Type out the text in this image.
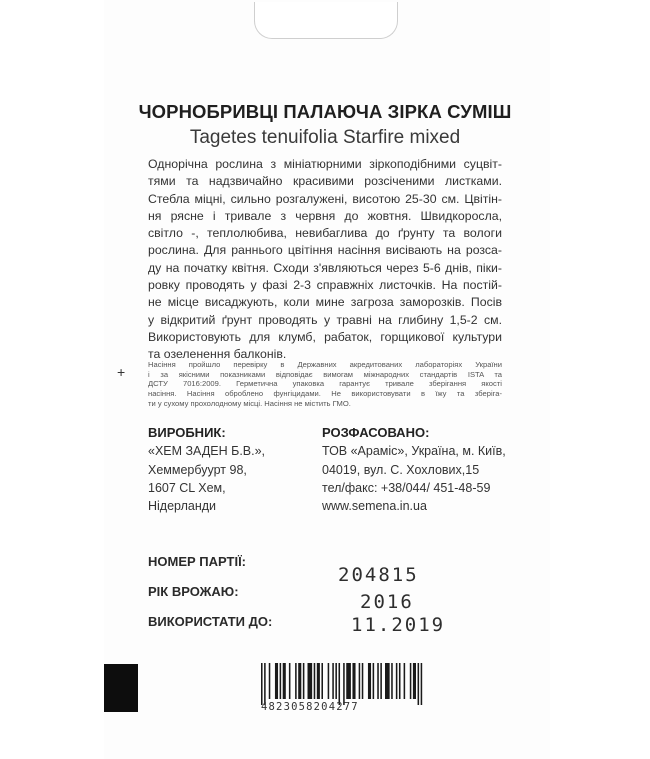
ЧОРНОБРИВЦІ ПАЛАЮЧА ЗІРКА СУМІШ
Tagetes tenuifolia Starfire mixed
Однорічна рослина з мініатюрними зіркоподібними суцвіт-
тями та надзвичайно красивими розсіченими листками.
Стебла міцні, сильно розгалужені, висотою 25-30 см. Цвітін-
ня рясне і тривале з червня до жовтня. Швидкоросла,
світло -, теплолюбива, невибаглива до ґрунту та вологи
рослина. Для раннього цвітіння насіння висівають на розса-
ду на початку квітня. Сходи з'являються через 5-6 днів, піки-
ровку проводять у фазі 2-3 справжніх листочків. На постій-
не місце висаджують, коли мине загроза заморозків. Посів
у відкритий ґрунт проводять у травні на глибину 1,5-2 см.
Використовують для клумб, рабаток, горщикової культури
та озеленення балконів.
+	Насіння пройшло перевірку в Державних акредитованих лабораторіях України
і за якісними показниками відповідає вимогам міжнародних стандартів ISTA та
ДСТУ 7016:2009. Герметична упаковка гарантує тривале зберігання якості
насіння. Насіння оброблено фунгіцидами. Не використовувати в їжу та зберіга-
ти у сухому прохолодному місці. Насіння не містить ГМО.
ВИРОБНИК:
«ХЕМ ЗАДЕН Б.В.»,
Хеммербуурт 98,
1607 CL Хем,
Нідерланди
РОЗФАСОВАНО:
ТОВ «Арамiс», Україна, м. Київ,
04019, вул. С. Хохлових,15
тел/факс: +38/044/ 451-48-59
www.semena.in.ua
НОМЕР ПАРТІЇ:
204815
РІК ВРОЖАЮ:	2016
ВИКОРИСТАТИ ДО:	11.2019
4823058204277
